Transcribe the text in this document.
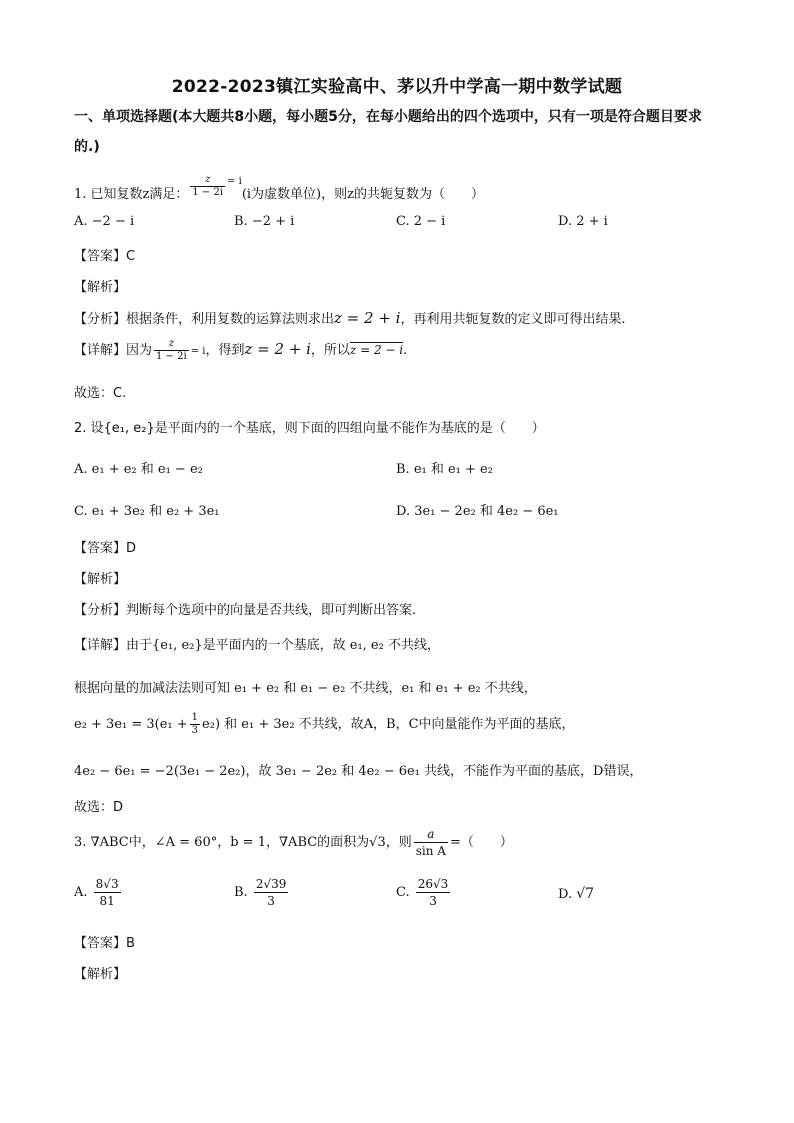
2022-2023镇江实验高中、茅以升中学高一期中数学试题
一、单项选择题(本大题共8小题，每小题5分，在每小题给出的四个选项中，只有一项是符合题目要求的.)
1. 已知复数z满足： $\frac{z}{1 - 2i} ^{= i}(i$为虚数单位)，则z的共轭复数为（　　）
A. −2 − i	B. −2 + i	C. 2 − i	D. 2 + i
【答案】C
【解析】
【分析】根据条件，利用复数的运算法则求出z = 2 + i，再利用共轭复数的定义即可得出结果.
【详解】因为 $\frac{z}{1 - 2i} = i$，得到z = 2 + i，所以z = 2 − i.
故选：C.
2. 设{e₁, e₂}是平面内的一个基底，则下面的四组向量不能作为基底的是（　　）
A. e₁ + e₂ 和 e₁ − e₂	B. e₁ 和 e₁ + e₂
C. e₁ + 3e₂ 和 e₂ + 3e₁	D. 3e₁ − 2e₂ 和 4e₂ − 6e₁
【答案】D
【解析】
【分析】判断每个选项中的向量是否共线，即可判断出答案.
【详解】由于{e₁, e₂}是平面内的一个基底，故 e₁, e₂ 不共线，
根据向量的加减法法则可知 e₁ + e₂ 和 e₁ − e₂ 不共线，e₁ 和 e₁ + e₂ 不共线，
$e_2 + 3e_1 = 3(e_1 + \frac{1}{3} e_2)$ 和 e₁ + 3e₂ 不共线，故A，B，C中向量能作为平面的基底，
4e₂ − 6e₁ = −2(3e₁ − 2e₂)，故 3e₁ − 2e₂ 和 4e₂ − 6e₁ 共线，不能作为平面的基底，D错误，
故选：D
3. ∇ABC中，∠A = 60°，b = 1，∇ABC的面积为√3，则 $\frac{a}{\text{sin A}}$ =（　　）
A. $\frac{8√3}{81}$	B. $\frac{2√39}{3}$	C. $\frac{26√3}{3}$	D. √7
【答案】B
【解析】
